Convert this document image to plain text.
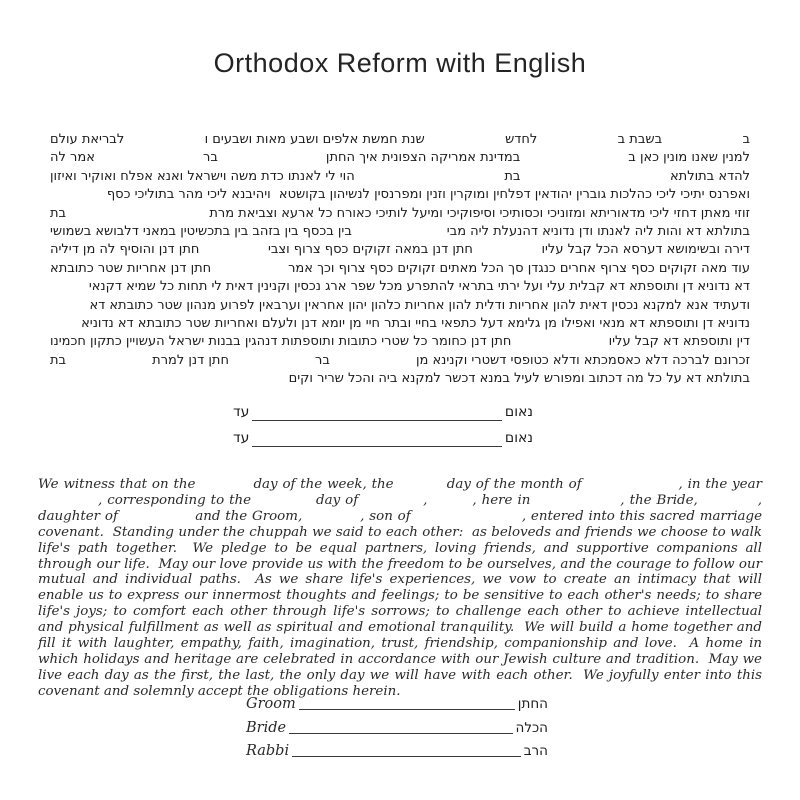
Orthodox Reform with English
ב
בשבת ב
לחדש
שנת חמשת אלפים ושבע מאות ושבעים ו
לבריאת עולם
למנין שאנו מונין כאן ב
במדינת אמריקה הצפונית איך החתן
בר
אמר לה
להדא בתולתא
בת
הוי לי לאנתו כדת משה וישראל ואנא אפלח ואוקיר ואיזון
ואפרנס יתיכי ליכי כהלכות גוברין יהודאין דפלחין ומוקרין וזנין ומפרנסין לנשיהון בקושטא  ויהיבנא ליכי מהר בתוליכי כסף
זוזי מאתן דחזי ליכי מדאוריתא ומזוניכי וכסותיכי וסיפוקיכי ומיעל לותיכי כאורח כל ארעא וצביאת מרת
בת
בתולתא דא והות ליה לאנתו ודן נדוניא דהנעלת ליה מבי
בין בכסף בין בזהב בין בתכשיטין במאני דלבושא בשמושי
דירה ובשימושא דערסא הכל קבל עליו
חתן דנן במאה זקוקים כסף צרוף וצבי
חתן דנן והוסיף לה מן דיליה
עוד מאה זקוקים כסף צרוף אחרים כנגדן סך הכל מאתים זקוקים כסף צרוף וכך אמר
חתן דנן אחריות שטר כתובתא
דא נדוניא דן ותוספתא דא קבלית עלי ועל ירתי בתראי להתפרע מכל שפר ארג נכסין וקנינין דאית לי תחות כל שמיא דקנאי
ודעתיד אנא למקנא נכסין דאית להון אחריות ודלית להון אחריות כלהון יהון אחראין וערבאין לפרוע מנהון שטר כתובתא דא
נדוניא דן ותוספתא דא מנאי ואפילו מן גלימא דעל כתפאי בחיי ובתר חיי מן יומא דנן ולעלם ואחריות שטר כתובתא דא נדוניא
דין ותוספתא דא קבל עליו
חתן דנן כחומר כל שטרי כתובות ותוספתות דנהגין בבנות ישראל העשויין כתקון חכמינו
זכרונם לברכה דלא כאסמכתא ודלא כטופסי דשטרי וקנינא מן
בר
חתן דנן למרת
בת
בתולתא דא על כל מה דכתוב ומפורש לעיל במנא דכשר למקנא ביה והכל שריר וקים
נאום
עד
נאום
עד
We witness that on the            day of the week, the           day of the month of                    , in the year             , corresponding to the             day of             ,         , here in                  , the Bride,            , daughter of                and the Groom,            , son of                       , entered into this sacred marriage covenant.  Standing under the chuppah we said to each other:  as beloveds and friends we choose to walk life's path together.  We pledge to be equal partners, loving friends, and supportive companions all through our life.  May our love provide us with the freedom to be ourselves, and the courage to follow our mutual and individual paths.  As we share life's experiences, we vow to create an intimacy that will enable us to express our innermost thoughts and feelings; to be sensitive to each other's needs; to share life's joys; to comfort each other through life's sorrows; to challenge each other to achieve intellectual and physical fulfillment as well as spiritual and emotional tranquility.  We will build a home together and fill it with laughter, empathy, faith, imagination, trust, friendship, companionship and love.  A home in which holidays and heritage are celebrated in accordance with our Jewish culture and tradition.  May we live each day as the first, the last, the only day we will have with each other.  We joyfully enter into this covenant and solemnly accept the obligations herein.
Groom	החתן
Bride	הכלה
Rabbi	הרב
